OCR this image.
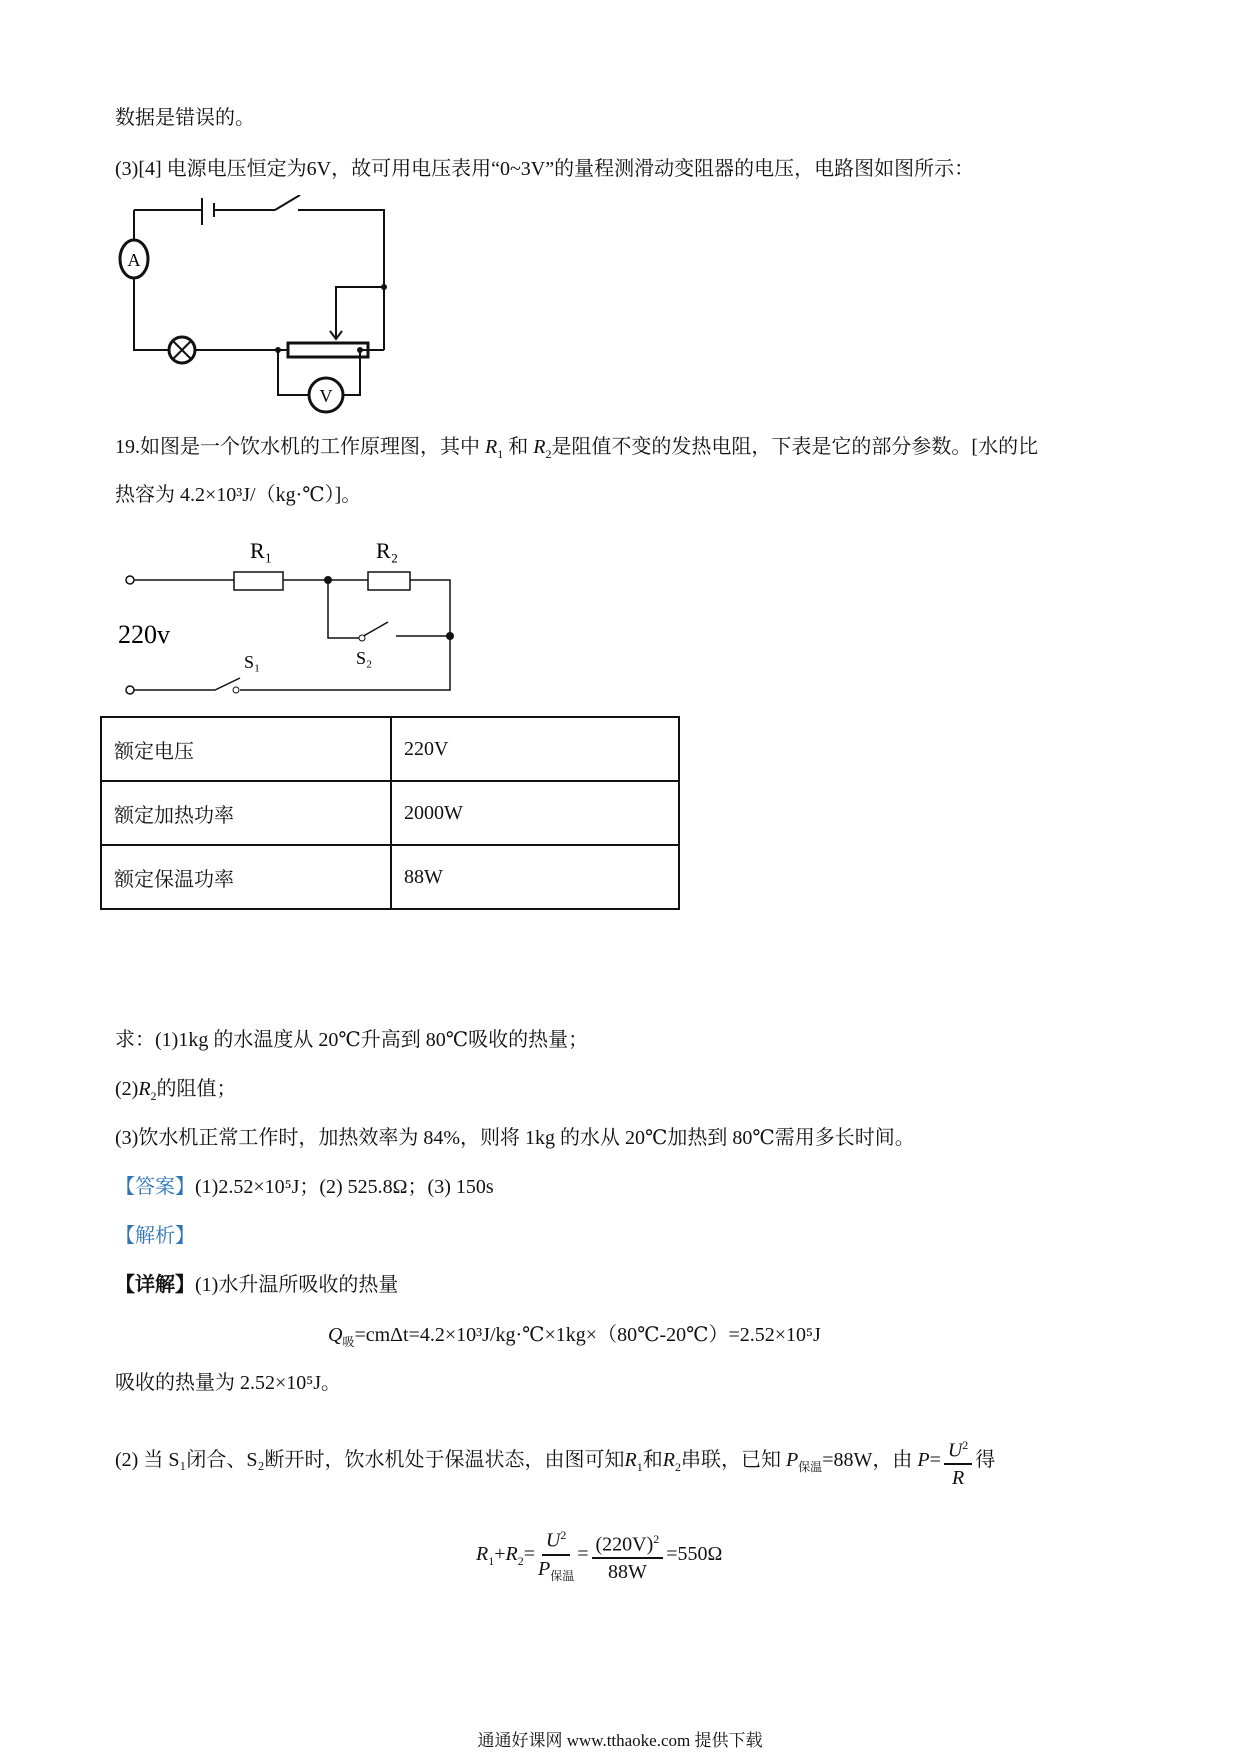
数据是错误的。
(3)[4] 电源电压恒定为6V，故可用电压表用“0~3V”的量程测滑动变阻器的电压，电路图如图所示：
A
V
19.如图是一个饮水机的工作原理图，其中 $R_1$ 和 $R_2$是阻值不变的发热电阻，下表是它的部分参数。[水的比
热容为 4.2×10³J/（kg·℃）]。
R₁	R₂
220v
S₁	S₂
额定电压	220V
额定加热功率	2000W
额定保温功率	88W
求：(1)1kg 的水温度从 20℃升高到 80℃吸收的热量；
$(2)R_2$的阻值；
(3)饮水机正常工作时，加热效率为 84%，则将 1kg 的水从 20℃加热到 80℃需用多长时间。
【答案】(1)2.52×10⁵J；(2) 525.8Ω；(3) 150s
【解析】
【详解】(1)水升温所吸收的热量
$Q_吸=cm\Delta t=4.2\times 10^3J/kg\cdot℃\times 1kg\times(80℃-20℃)=2.52\times 10^5J$
吸收的热量为 2.52×10⁵J。
(2) 当 S₁闭合、S₂断开时，饮水机处于保温状态，由图可知$R_1$和$R_2$串联，已知 $P_{保温}=88W$，由 $P= \frac{U^2}{R}$ 得
$R_1+R_2= \frac{U^2}{P_{保温}} = \frac{(220V)^2}{88W} =550\Omega$
通通好课网 www.tthaoke.com 提供下载
